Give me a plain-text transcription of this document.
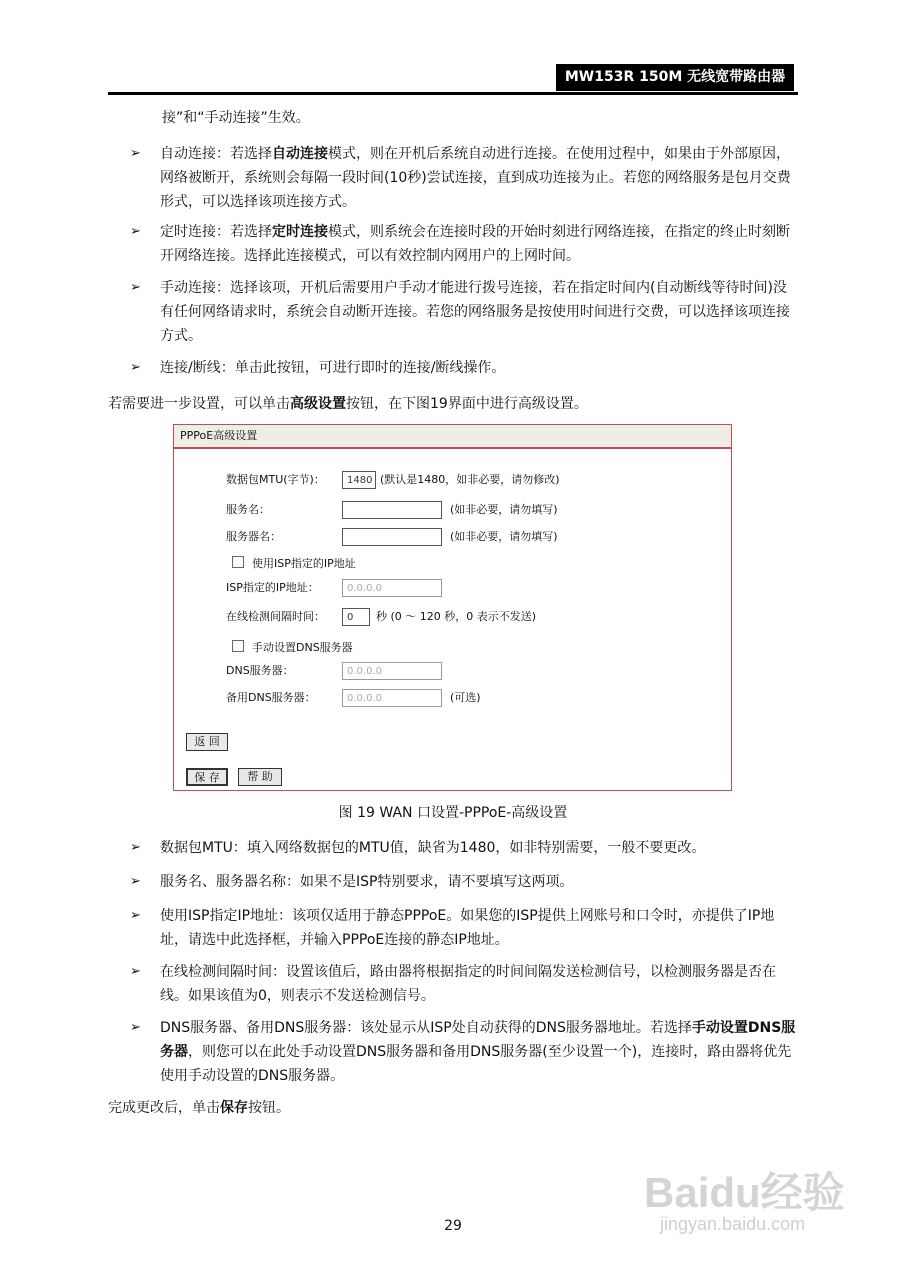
MW153R 150M 无线宽带路由器
接”和“手动连接”生效。
➢ 自动连接：若选择自动连接模式，则在开机后系统自动进行连接。在使用过程中，如果由于外部原因，网络被断开，系统则会每隔一段时间(10秒)尝试连接，直到成功连接为止。若您的网络服务是包月交费形式，可以选择该项连接方式。
➢ 定时连接：若选择定时连接模式，则系统会在连接时段的开始时刻进行网络连接，在指定的终止时刻断开网络连接。选择此连接模式，可以有效控制内网用户的上网时间。
➢ 手动连接：选择该项，开机后需要用户手动才能进行拨号连接，若在指定时间内(自动断线等待时间)没有任何网络请求时，系统会自动断开连接。若您的网络服务是按使用时间进行交费，可以选择该项连接方式。
➢ 连接/断线：单击此按钮，可进行即时的连接/断线操作。
若需要进一步设置，可以单击高级设置按钮，在下图19界面中进行高级设置。
PPPoE高级设置
数据包MTU(字节)：	1480 (默认是1480，如非必要，请勿修改)
服务名：	(如非必要，请勿填写)
服务器名：	(如非必要，请勿填写)
使用ISP指定的IP地址
ISP指定的IP地址：	0.0.0.0
在线检测间隔时间：	0	秒 (0 ～ 120 秒，0 表示不发送)
手动设置DNS服务器
DNS服务器：	0.0.0.0
备用DNS服务器：	0.0.0.0	(可选)
返 回
保 存	帮 助
图 19 WAN 口设置-PPPoE-高级设置
➢ 数据包MTU：填入网络数据包的MTU值，缺省为1480，如非特别需要，一般不要更改。
➢ 服务名、服务器名称：如果不是ISP特别要求，请不要填写这两项。
➢ 使用ISP指定IP地址：该项仅适用于静态PPPoE。如果您的ISP提供上网账号和口令时，亦提供了IP地址，请选中此选择框，并输入PPPoE连接的静态IP地址。
➢ 在线检测间隔时间：设置该值后，路由器将根据指定的时间间隔发送检测信号，以检测服务器是否在线。如果该值为0，则表示不发送检测信号。
➢ DNS服务器、备用DNS服务器：该处显示从ISP处自动获得的DNS服务器地址。若选择手动设置DNS服务器，则您可以在此处手动设置DNS服务器和备用DNS服务器(至少设置一个)，连接时，路由器将优先使用手动设置的DNS服务器。
完成更改后，单击保存按钮。
29
Baidu经验
jingyan.baidu.com
